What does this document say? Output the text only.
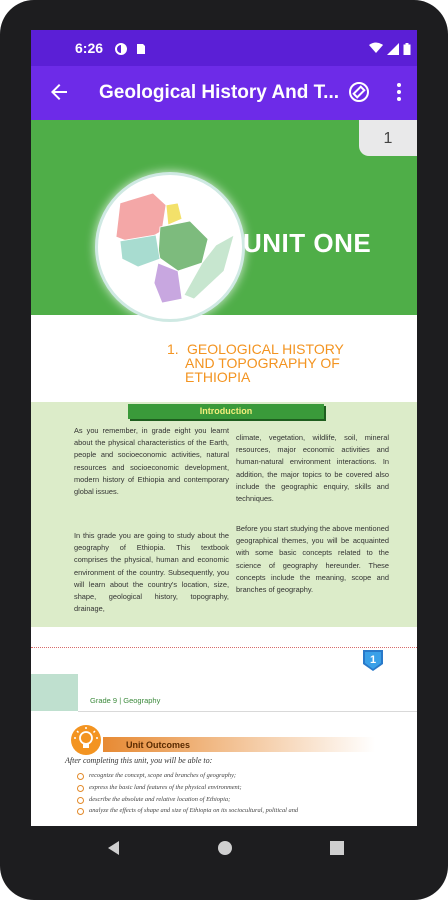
6:26
Geological History And T...
1
UNIT ONE
1. GEOLOGICAL HISTORY
AND TOPOGRAPHY OF
ETHIOPIA
Introduction
As you remember, in grade eight you learnt about the physical characteristics of the Earth, people and socioeconomic activities, natural resources and socioeconomic development, modern history of Ethiopia and contemporary global issues.
In this grade you are going to study about the geography of Ethiopia. This textbook comprises the physical, human and economic environment of the country. Subsequently, you will learn about the country's location, size, shape, geological history, topography, drainage,
climate, vegetation, wildlife, soil, mineral resources, major economic activities and human-natural environment interactions. In addition, the major topics to be covered also include the geographic enquiry, skills and techniques.
Before you start studying the above mentioned geographical themes, you will be acquainted with some basic concepts related to the science of geography hereunder. These concepts include the meaning, scope and branches of geography.
1
Grade 9 | Geography
Unit Outcomes
After completing this unit, you will be able to:
recognize the concept, scope and branches of geography;
express the basic land features of the physical environment;
describe the absolute and relative location of Ethiopia;
analyze the effects of shape and size of Ethiopia on its sociocultural, political and
